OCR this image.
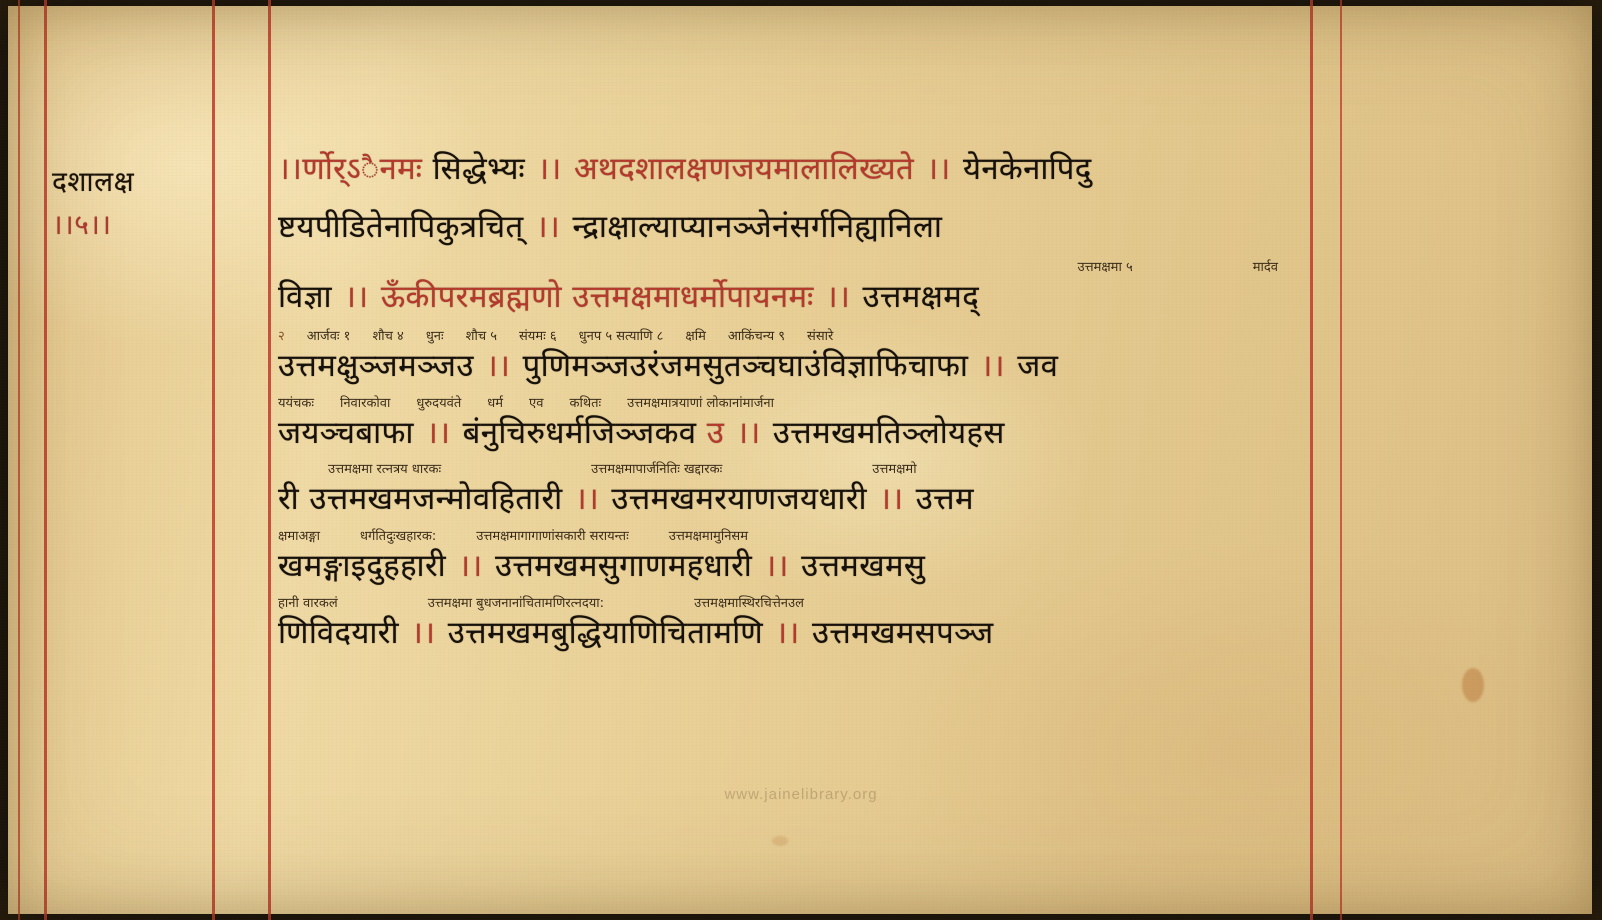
दशालक्ष
।।५।।
।।र्णोर्ऽैनमः सिद्धेभ्यः ।। अथदशालक्षणजयमालालिख्यते ।। येनकेनापिदु
ष्टयपीडितेनापिकुत्रचित् ।। न्द्राक्षाल्याप्यानञ्जेनंसर्गनिह्यानिला
उत्तमक्षमा ५	मार्दव
विज्ञा ।। ऊँकीपरमब्रह्मणो उत्तमक्षमाधर्मोपायनमः ।। उत्तमक्षमद्
२ आर्जवः १ शौच ४ धुनः शौच ५ संयमः ६ धुनप ५ सत्याणि ८ क्षमि आकिंचन्य ९ संसारे
उत्तमक्षुञ्जमञ्जउ ।। पुणिमञ्जउरंजमसुतञ्चघाउंविज्ञाफिचाफा ।। जव
ययंचकः निवारकोवा धुरुदयवंते धर्म एव कथितः उत्तमक्षमात्रयाणां लोकानांमार्जना
जयञ्चबाफा ।। बंनुचिरुधर्मजिञ्जकव उ ।। उत्तमखमतिञ्लोयहस
उत्तमक्षमा रत्नत्रय धारकः	उत्तमक्षमापार्जनितिः खद्दारकः	उत्तमक्षमो
री उत्तमखमजन्मोवहितारी ।। उत्तमखमरयाणजयधारी ।। उत्तम
क्षमाअङ्गा	धर्गतिदुःखहारक:	उत्तमक्षमागागाणांसकारी सरायन्तः	उत्तमक्षमामुनिसम
खमङ्गाइदुहहारी ।। उत्तमखमसुगाणमहधारी ।। उत्तमखमसु
हानी वारकलं	उत्तमक्षमा बुधजनानांचितामणिरत्नदया:	उत्तमक्षमास्थिरचित्तेनउल
णिविदयारी ।। उत्तमखमबुद्धियाणिचितामणि ।। उत्तमखमसपञ्ज
www.jainelibrary.org
